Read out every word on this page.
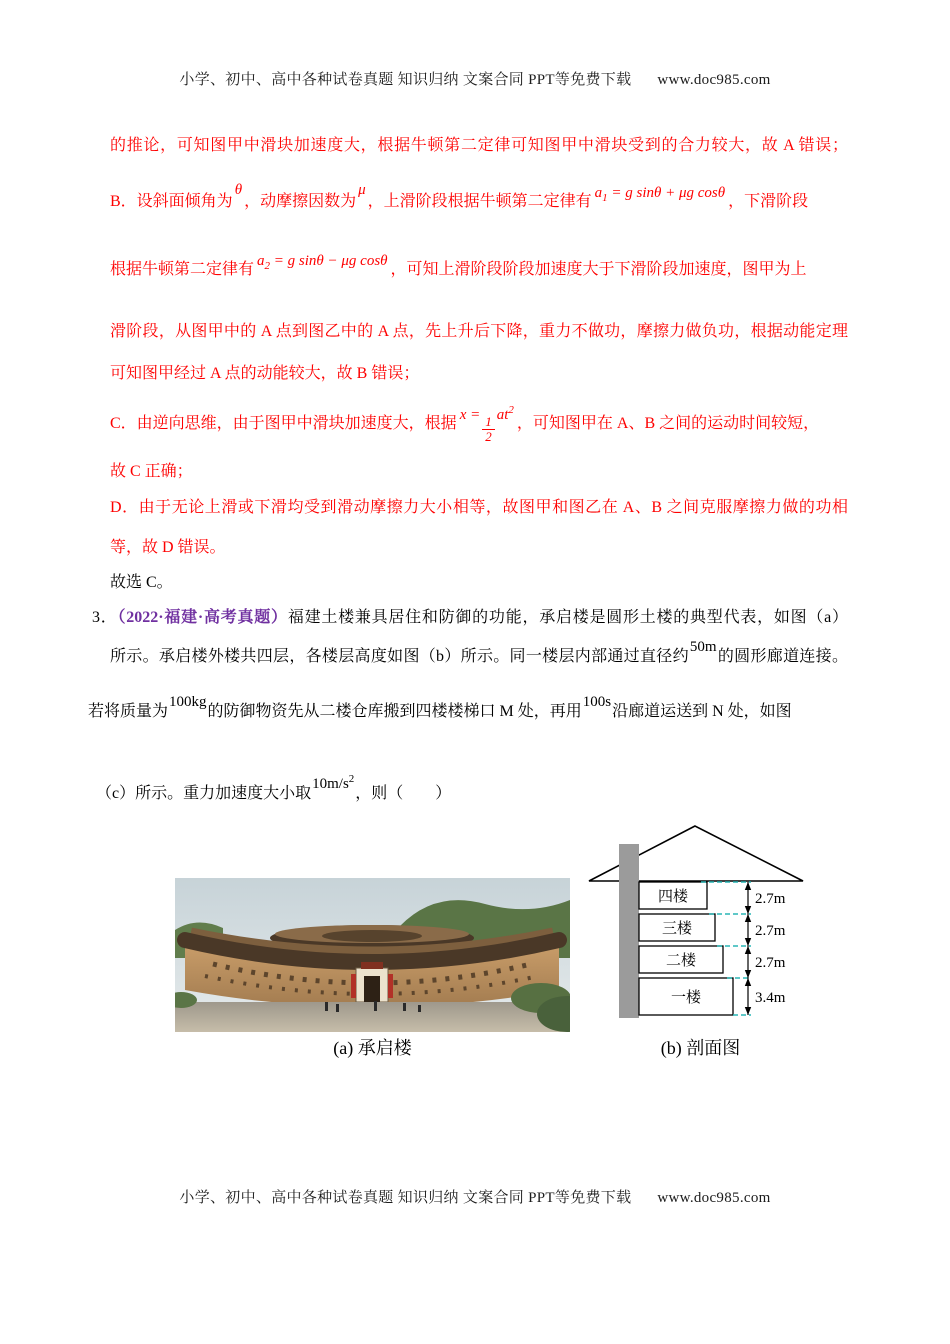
小学、初中、高中各种试卷真题 知识归纳 文案合同 PPT等免费下载 www.doc985.com
的推论，可知图甲中滑块加速度大，根据牛顿第二定律可知图甲中滑块受到的合力较大，故 A 错误；
B．设斜面倾角为θ，动摩擦因数为μ，上滑阶段根据牛顿第二定律有 $a_1 = g$ sinθ + μg cosθ ，下滑阶段
根据牛顿第二定律有 $a_2 = g$ sinθ − μg cosθ ，可知上滑阶段阶段加速度大于下滑阶段加速度，图甲为上
滑阶段，从图甲中的 A 点到图乙中的 A 点，先上升后下降，重力不做功，摩擦力做负功，根据动能定理
可知图甲经过 A 点的动能较大，故 B 错误；
C．由逆向思维，由于图甲中滑块加速度大，根据 x =
$\frac{1}{2}$
$at^2$，可知图甲在 A、B 之间的运动时间较短，
故 C 正确；
D．由于无论上滑或下滑均受到滑动摩擦力大小相等，故图甲和图乙在 A、B 之间克服摩擦力做的功相
等，故 D 错误。
故选 C。
3．（2022·福建·高考真题）福建土楼兼具居住和防御的功能，承启楼是圆形土楼的典型代表，如图（a）
所示。承启楼外楼共四层，各楼层高度如图（b）所示。同一楼层内部通过直径约50m的圆形廊道连接。
若将质量为100kg的防御物资先从二楼仓库搬到四楼楼梯口 M 处，再用100s沿廊道运送到 N 处，如图
（c）所示。重力加速度大小取$10m/s^2$，则（　　）
四楼
三楼
二楼
一楼
2.7m
2.7m
2.7m
3.4m
(a) 承启楼	(b) 剖面图
小学、初中、高中各种试卷真题 知识归纳 文案合同 PPT等免费下载 www.doc985.com
